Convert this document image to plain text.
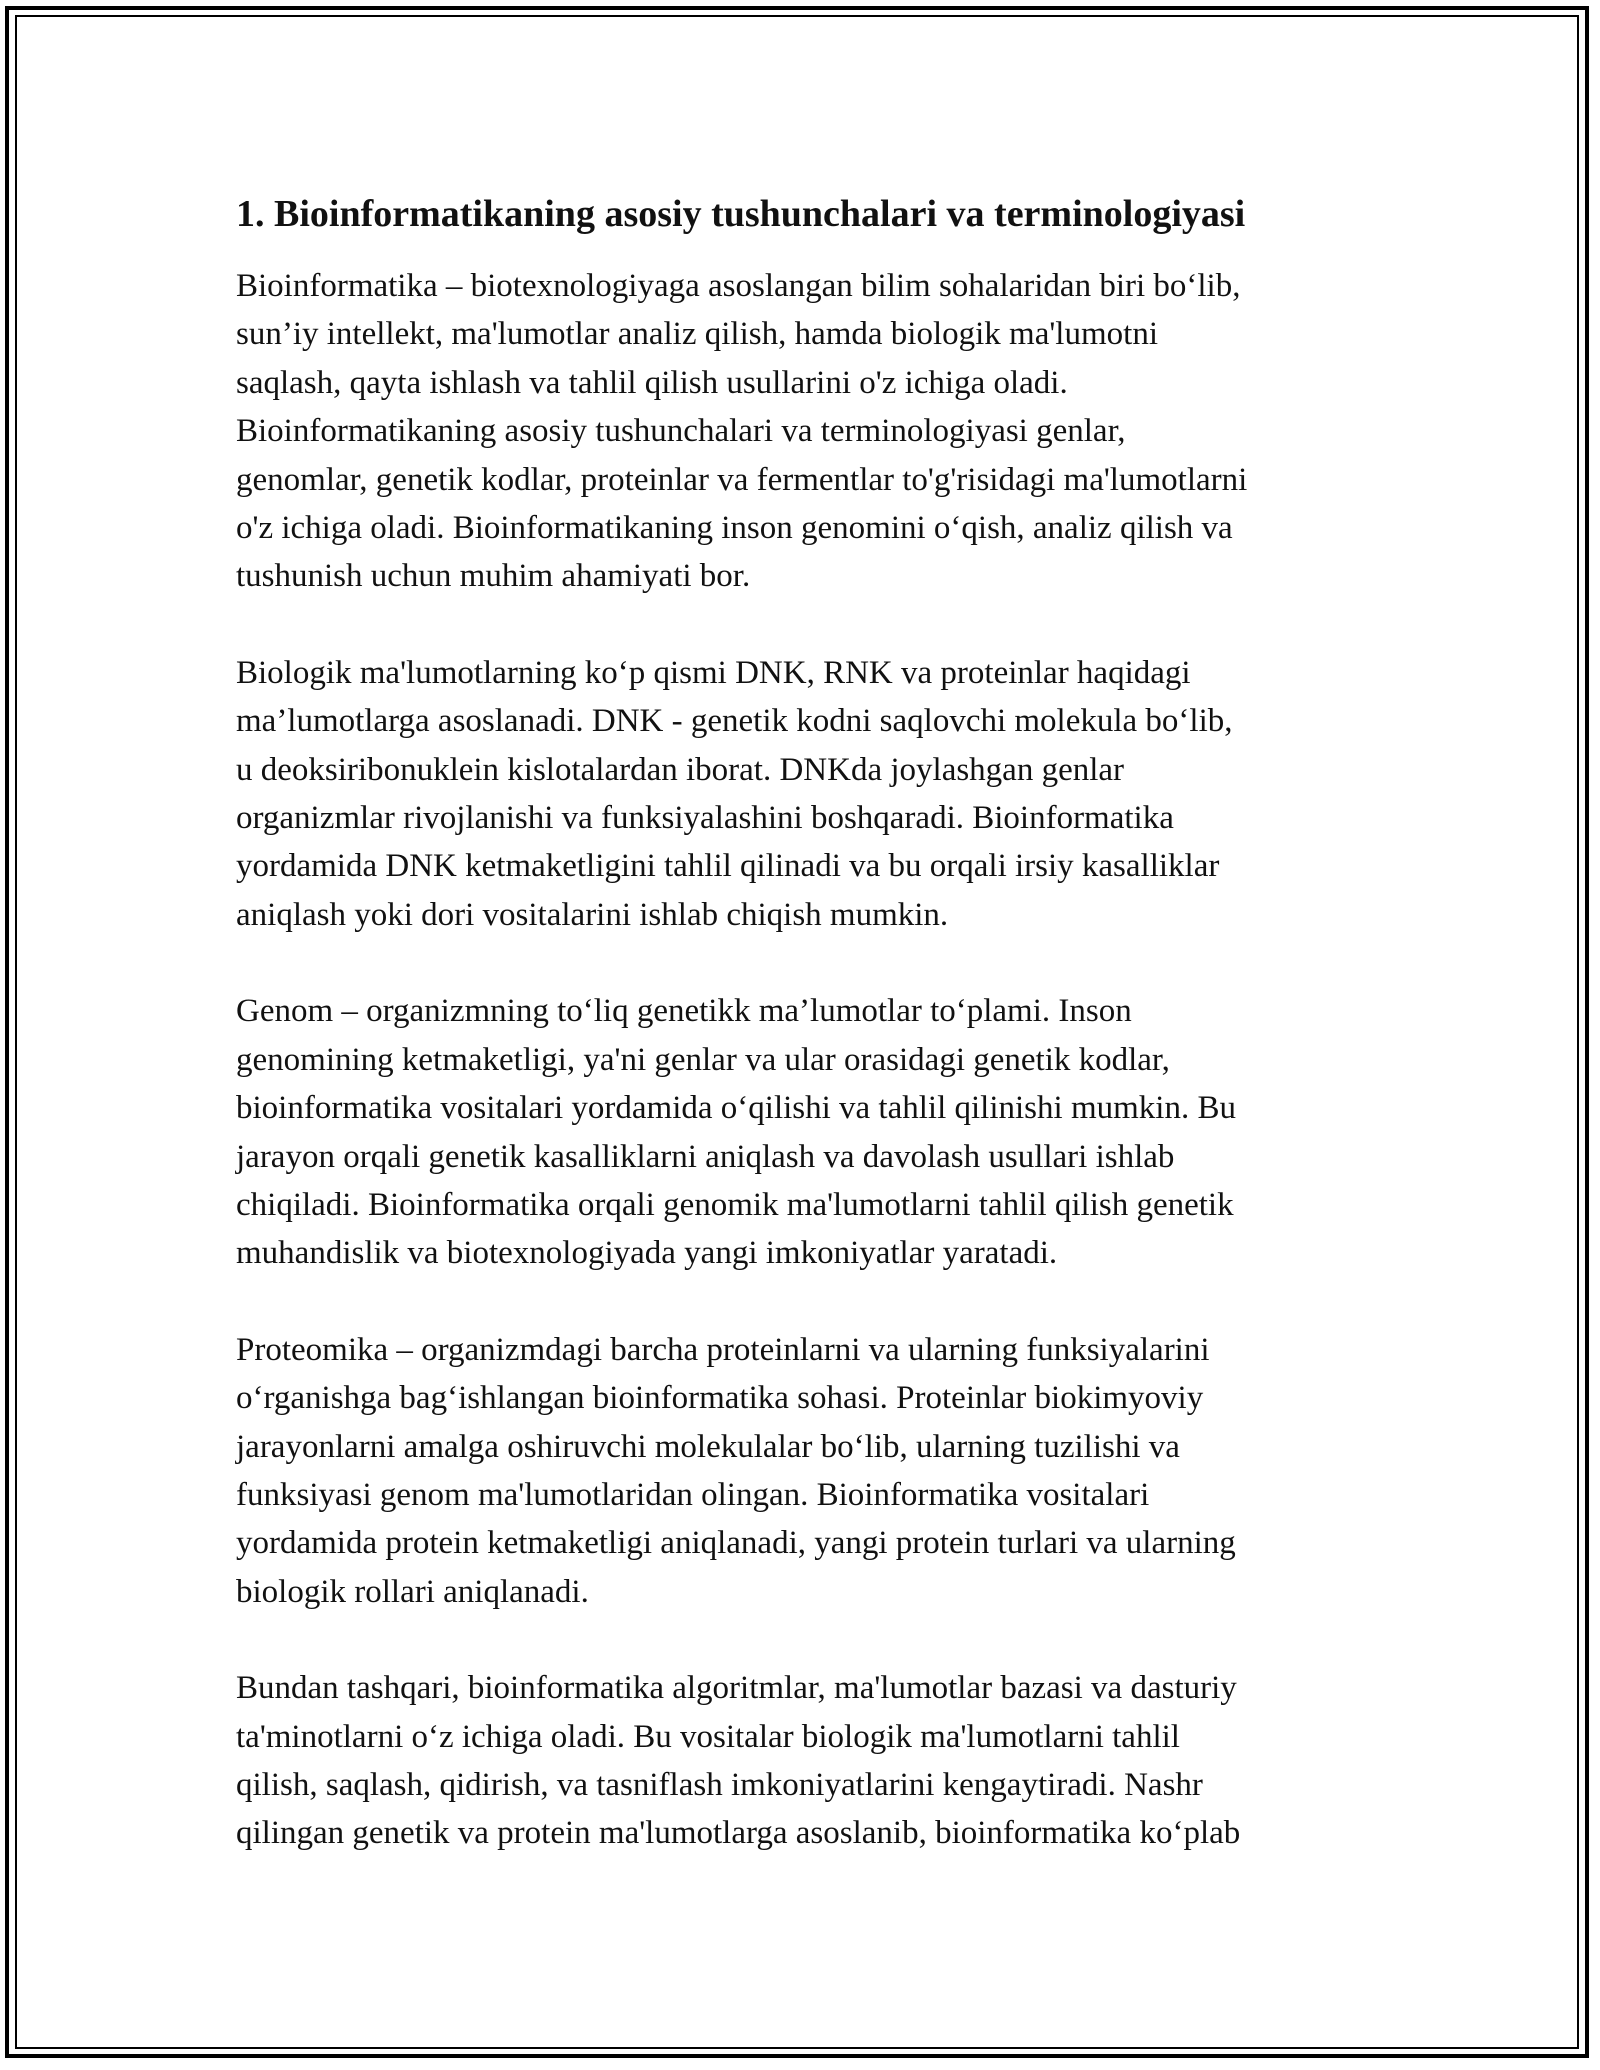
1. Bioinformatikaning asosiy tushunchalari va terminologiyasi

Bioinformatika – biotexnologiyaga asoslangan bilim sohalaridan biri bo‘lib,
sun’iy intellekt, ma'lumotlar analiz qilish, hamda biologik ma'lumotni
saqlash, qayta ishlash va tahlil qilish usullarini o'z ichiga oladi.
Bioinformatikaning asosiy tushunchalari va terminologiyasi genlar,
genomlar, genetik kodlar, proteinlar va fermentlar to'g'risidagi ma'lumotlarni
o'z ichiga oladi. Bioinformatikaning inson genomini o‘qish, analiz qilish va
tushunish uchun muhim ahamiyati bor.

Biologik ma'lumotlarning ko‘p qismi DNK, RNK va proteinlar haqidagi
ma’lumotlarga asoslanadi. DNK - genetik kodni saqlovchi molekula bo‘lib,
u deoksiribonuklein kislotalardan iborat. DNKda joylashgan genlar
organizmlar rivojlanishi va funksiyalashini boshqaradi. Bioinformatika
yordamida DNK ketmaketligini tahlil qilinadi va bu orqali irsiy kasalliklar
aniqlash yoki dori vositalarini ishlab chiqish mumkin.

Genom – organizmning to‘liq genetikk ma’lumotlar to‘plami. Inson
genomining ketmaketligi, ya'ni genlar va ular orasidagi genetik kodlar,
bioinformatika vositalari yordamida o‘qilishi va tahlil qilinishi mumkin. Bu
jarayon orqali genetik kasalliklarni aniqlash va davolash usullari ishlab
chiqiladi. Bioinformatika orqali genomik ma'lumotlarni tahlil qilish genetik
muhandislik va biotexnologiyada yangi imkoniyatlar yaratadi.

Proteomika – organizmdagi barcha proteinlarni va ularning funksiyalarini
o‘rganishga bag‘ishlangan bioinformatika sohasi. Proteinlar biokimyoviy
jarayonlarni amalga oshiruvchi molekulalar bo‘lib, ularning tuzilishi va
funksiyasi genom ma'lumotlaridan olingan. Bioinformatika vositalari
yordamida protein ketmaketligi aniqlanadi, yangi protein turlari va ularning
biologik rollari aniqlanadi.

Bundan tashqari, bioinformatika algoritmlar, ma'lumotlar bazasi va dasturiy
ta'minotlarni o‘z ichiga oladi. Bu vositalar biologik ma'lumotlarni tahlil
qilish, saqlash, qidirish, va tasniflash imkoniyatlarini kengaytiradi. Nashr
qilingan genetik va protein ma'lumotlarga asoslanib, bioinformatika ko‘plab
